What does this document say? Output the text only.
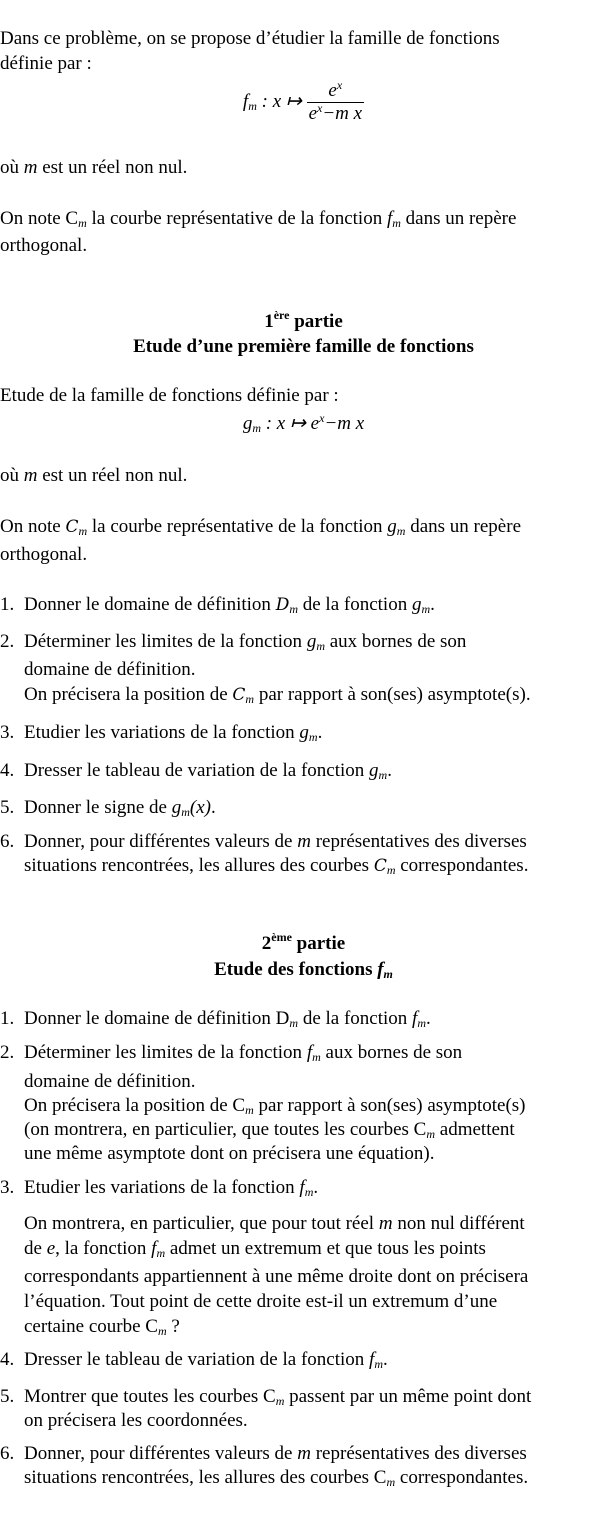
Dans ce problème, on se propose d’étudier la famille de fonctions
définie par :
$f_m$ : x ↦ $\frac{e^x}{e^x-m x}$
où m est un réel non nul.
On note $C_m$ la courbe représentative de la fonction $f_m$ dans un repère
orthogonal.
1ère partie
Etude d’une première famille de fonctions
Etude de la famille de fonctions définie par :
$g_m$ : x ↦ $e^x-m$ x
où m est un réel non nul.
On note $C_m$ la courbe représentative de la fonction $g_m$ dans un repère
orthogonal.
1. Donner le domaine de définition $D_m$ de la fonction $g_m$.
2. Déterminer les limites de la fonction $g_m$ aux bornes de son
domaine de définition.
On précisera la position de $C_m$ par rapport à son(ses) asymptote(s).
3. Etudier les variations de la fonction $g_m$.
4. Dresser le tableau de variation de la fonction $g_m$.
5. Donner le signe de $g_m(x)$.
6. Donner, pour différentes valeurs de m représentatives des diverses
situations rencontrées, les allures des courbes $C_m$ correspondantes.
2ème partie
Etude des fonctions $f_m$
1. Donner le domaine de définition $D_m$ de la fonction $f_m$.
2. Déterminer les limites de la fonction $f_m$ aux bornes de son
domaine de définition.
On précisera la position de $C_m$ par rapport à son(ses) asymptote(s)
(on montrera, en particulier, que toutes les courbes $C_m$ admettent
une même asymptote dont on précisera une équation).
3. Etudier les variations de la fonction $f_m$.
On montrera, en particulier, que pour tout réel m non nul différent
de e, la fonction $f_m$ admet un extremum et que tous les points
correspondants appartiennent à une même droite dont on précisera
l’équation. Tout point de cette droite est-il un extremum d’une
certaine courbe $C_m$ ?
4. Dresser le tableau de variation de la fonction $f_m$.
5. Montrer que toutes les courbes $C_m$ passent par un même point dont
on précisera les coordonnées.
6. Donner, pour différentes valeurs de m représentatives des diverses
situations rencontrées, les allures des courbes $C_m$ correspondantes.
